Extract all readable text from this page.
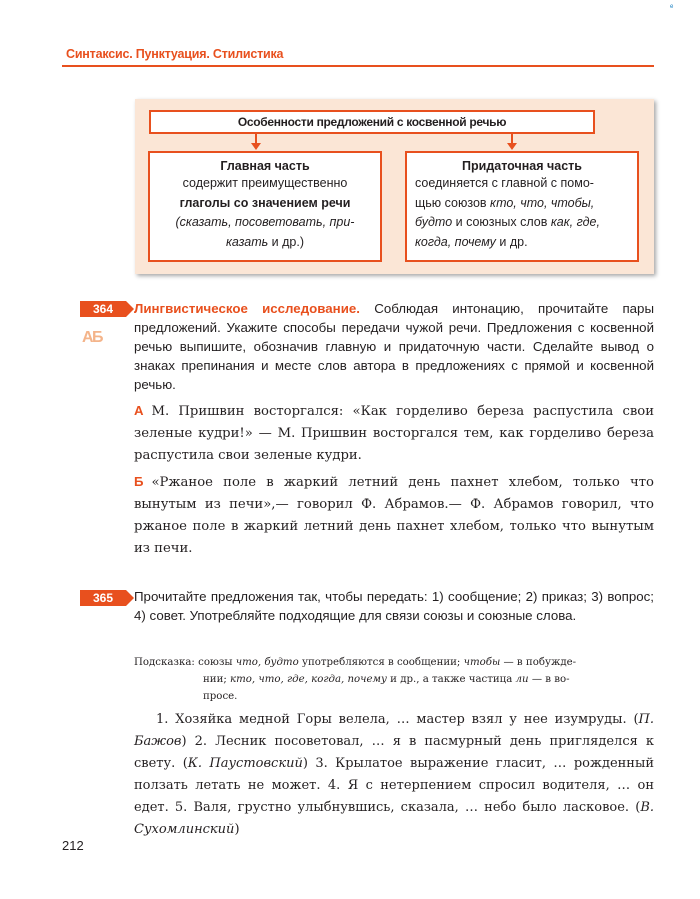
e
Синтаксис. Пунктуация. Стилистика
Особенности предложений с косвенной речью
Главная часть
содержит преимущественно
глаголы со значением речи
(сказать, посоветовать, при-
казать и др.)
Придаточная часть
соединяется с главной с помо-
щью союзов кто, что, чтобы,
будто и союзных слов как, где,
когда, почему и др.
364
А Б
Лингвистическое исследование. Соблюдая интонацию, прочитайте пары предложений. Укажите способы передачи чужой речи. Предложения с косвенной речью выпишите, обозначив главную и придаточную части. Сделайте вывод о знаках препинания и месте слов автора в предложениях с прямой и косвенной речью.
А М. Пришвин восторгался: «Как горделиво береза распустила свои зеленые кудри!» — М. Пришвин восторгался тем, как горделиво береза распустила свои зеленые кудри.
Б «Ржаное поле в жаркий летний день пахнет хлебом, только что вынутым из печи»,— говорил Ф. Абрамов.— Ф. Абрамов говорил, что ржаное поле в жаркий летний день пахнет хлебом, только что вынутым из печи.
365	Прочитайте предложения так, чтобы передать: 1) сообщение; 2) приказ; 3) вопрос; 4) совет. Употребляйте подходящие для связи союзы и союзные слова.
Подсказка: союзы что, будто употребляются в сообщении; чтобы — в побужде-
нии; кто, что, где, когда, почему и др., а также частица ли — в во-
просе.
1. Хозяйка медной Горы велела, … мастер взял у нее изумруды. (П. Бажов) 2. Лесник посоветовал, … я в пасмурный день пригляделся к свету. (К. Паустовский) 3. Крылатое выражение гласит, … рожденный ползать летать не может. 4. Я с нетерпением спросил водителя, … он едет. 5. Валя, грустно улыбнувшись, сказала, … небо было ласковое. (В. Сухомлинский)
212
